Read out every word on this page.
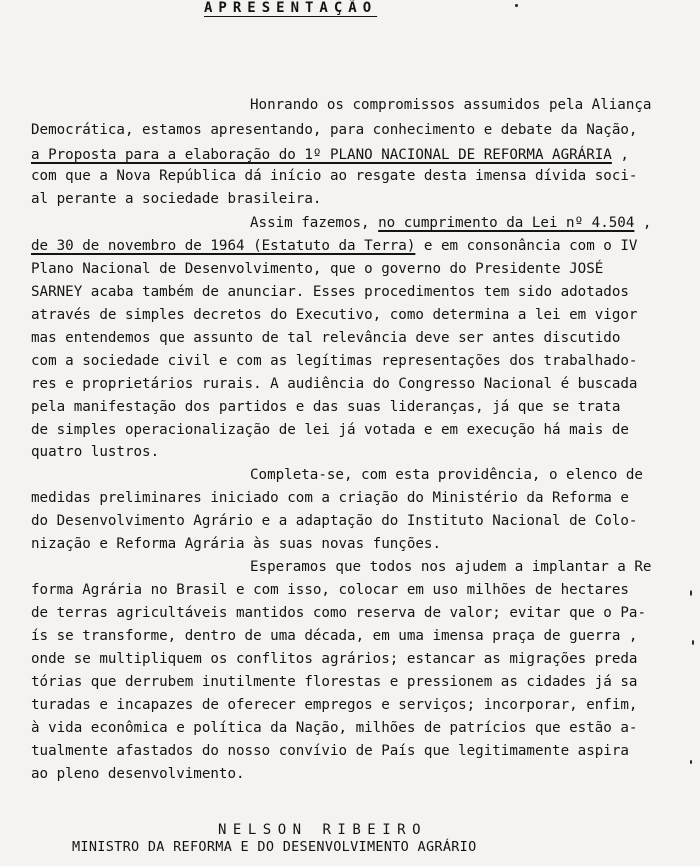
APRESENTAÇÃO
Honrando os compromissos assumidos pela Aliança
Democrática, estamos apresentando, para conhecimento e debate da Nação,
a Proposta para a elaboração do 1º PLANO NACIONAL DE REFORMA AGRÁRIA ,
com que a Nova República dá início ao resgate desta imensa dívida soci-
al perante a sociedade brasileira.
Assim fazemos, no cumprimento da Lei nº 4.504 ,
de 30 de novembro de 1964 (Estatuto da Terra) e em consonância com o IV
Plano Nacional de Desenvolvimento, que o governo do Presidente JOSÉ
SARNEY acaba também de anunciar. Esses procedimentos tem sido adotados
através de simples decretos do Executivo, como determina a lei em vigor
mas entendemos que assunto de tal relevância deve ser antes discutido
com a sociedade civil e com as legítimas representações dos trabalhado-
res e proprietários rurais. A audiência do Congresso Nacional é buscada
pela manifestação dos partidos e das suas lideranças, já que se trata
de simples operacionalização de lei já votada e em execução há mais de
quatro lustros.
Completa-se, com esta providência, o elenco de
medidas preliminares iniciado com a criação do Ministério da Reforma e
do Desenvolvimento Agrário e a adaptação do Instituto Nacional de Colo-
nização e Reforma Agrária às suas novas funções.
Esperamos que todos nos ajudem a implantar a Re
forma Agrária no Brasil e com isso, colocar em uso milhões de hectares
de terras agricultáveis mantidos como reserva de valor; evitar que o Pa-
ís se transforme, dentro de uma década, em uma imensa praça de guerra ,
onde se multipliquem os conflitos agrários; estancar as migrações preda
tórias que derrubem inutilmente florestas e pressionem as cidades já sa
turadas e incapazes de oferecer empregos e serviços; incorporar, enfim,
à vida econômica e política da Nação, milhões de patrícios que estão a-
tualmente afastados do nosso convívio de País que legitimamente aspira
ao pleno desenvolvimento.
NELSON RIBEIRO
MINISTRO DA REFORMA E DO DESENVOLVIMENTO AGRÁRIO
